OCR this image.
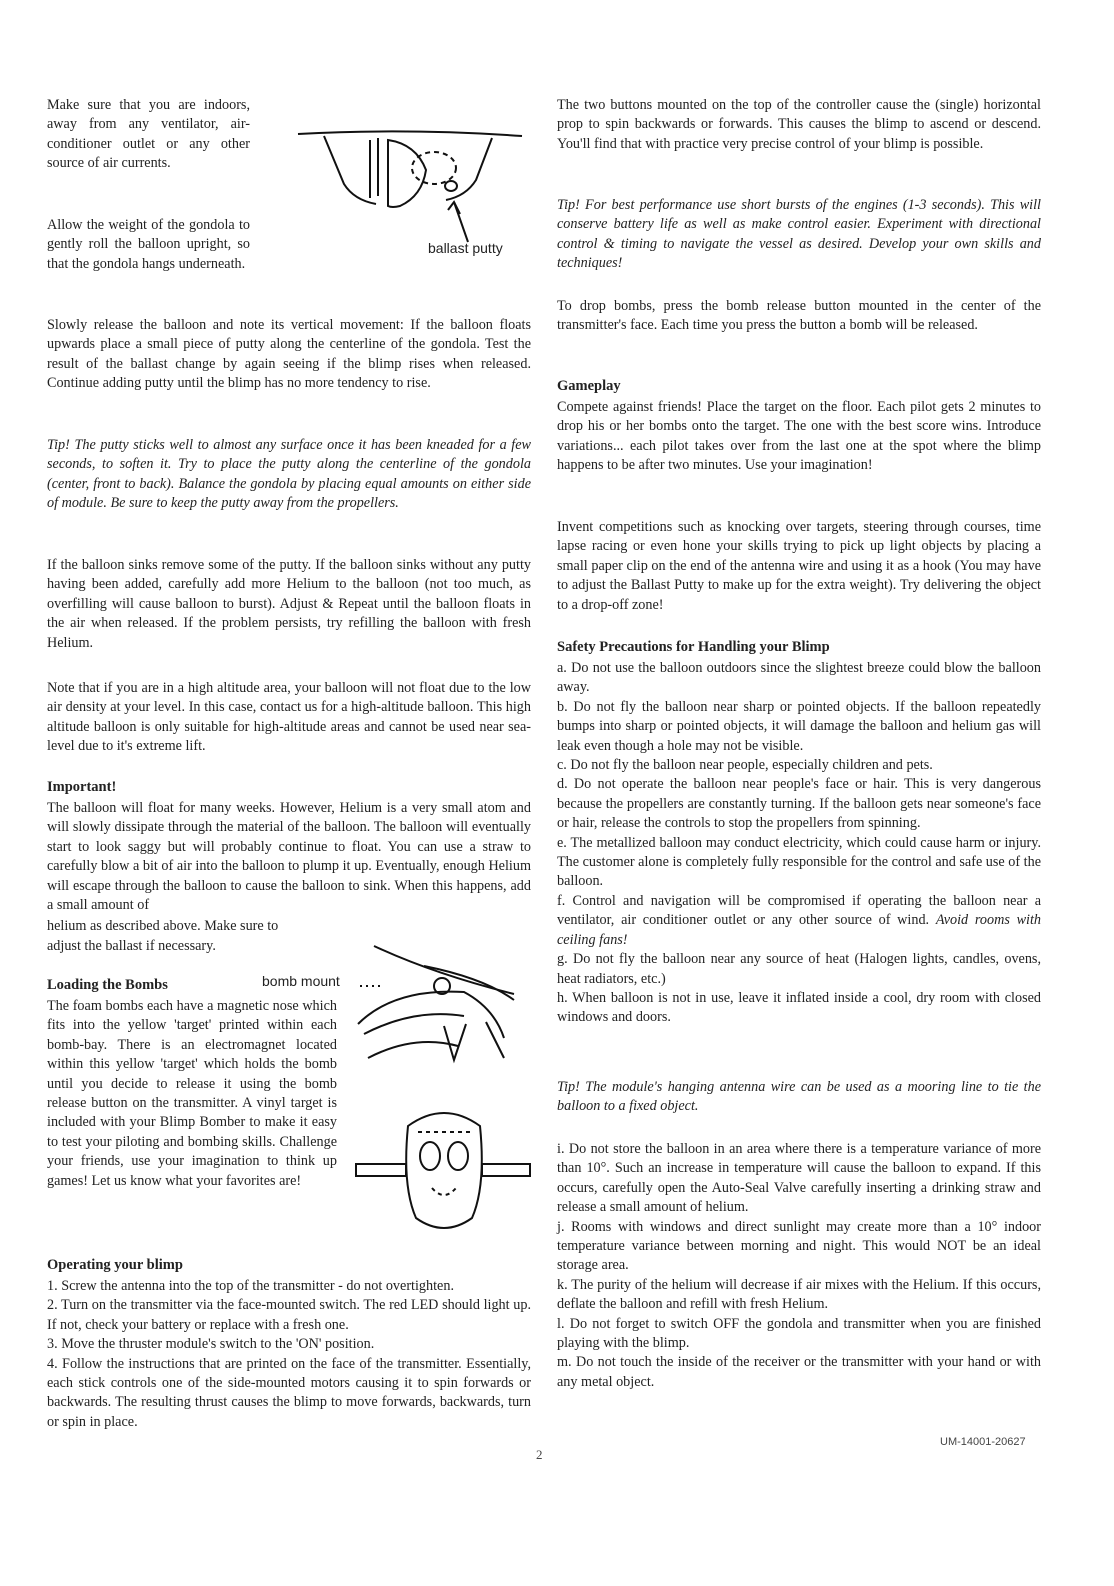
Make sure that you are indoors, away from any ventilator, air-conditioner outlet or any other source of air currents.

Allow the weight of the gondola to gently roll the balloon upright, so that the gondola hangs underneath.

ballast putty

Slowly release the balloon and note its vertical movement: If the balloon floats upwards place a small piece of putty along the centerline of the gondola. Test the result of the ballast change by again seeing if the blimp rises when released. Continue adding putty until the blimp has no more tendency to rise.

Tip! The putty sticks well to almost any surface once it has been kneaded for a few seconds, to soften it. Try to place the putty along the centerline of the gondola (center, front to back). Balance the gondola by placing equal amounts on either side of module. Be sure to keep the putty away from the propellers.

If the balloon sinks remove some of the putty. If the balloon sinks without any putty having been added, carefully add more Helium to the balloon (not too much, as overfilling will cause balloon to burst). Adjust & Repeat until the balloon floats in the air when released. If the problem persists, try refilling the balloon with fresh Helium.

Note that if you are in a high altitude area, your balloon will not float due to the low air density at your level. In this case, contact us for a high-altitude balloon. This high altitude balloon is only suitable for high-altitude areas and cannot be used near sea-level due to it's extreme lift.

Important!

The balloon will float for many weeks. However, Helium is a very small atom and will slowly dissipate through the material of the balloon. The balloon will eventually start to look saggy but will probably continue to float. You can use a straw to carefully blow a bit of air into the balloon to plump it up. Eventually, enough Helium will escape through the balloon to cause the balloon to sink. When this happens, add a small amount of

helium as described above. Make sure to

adjust the ballast if necessary.

Loading the Bombs	bomb mount

The foam bombs each have a magnetic nose which fits into the yellow 'target' printed within each bomb-bay. There is an electromagnet located within this yellow 'target' which holds the bomb until you decide to release it using the bomb release button on the transmitter. A vinyl target is included with your Blimp Bomber to make it easy to test your piloting and bombing skills. Challenge your friends, use your imagination to think up games! Let us know what your favorites are!

Operating your blimp

1. Screw the antenna into the top of the transmitter - do not overtighten.

2. Turn on the transmitter via the face-mounted switch. The red LED should light up. If not, check your battery or replace with a fresh one.

3. Move the thruster module's switch to the 'ON' position.

4. Follow the instructions that are printed on the face of the transmitter. Essentially, each stick controls one of the side-mounted motors causing it to spin forwards or backwards. The resulting thrust causes the blimp to move forwards, backwards, turn or spin in place.

The two buttons mounted on the top of the controller cause the (single) horizontal prop to spin backwards or forwards. This causes the blimp to ascend or descend. You'll find that with practice very precise control of your blimp is possible.

Tip! For best performance use short bursts of the engines (1-3 seconds). This will conserve battery life as well as make control easier. Experiment with directional control & timing to navigate the vessel as desired. Develop your own skills and techniques!

To drop bombs, press the bomb release button mounted in the center of the transmitter's face. Each time you press the button a bomb will be released.

Gameplay

Compete against friends! Place the target on the floor. Each pilot gets 2 minutes to drop his or her bombs onto the target. The one with the best score wins. Introduce variations... each pilot takes over from the last one at the spot where the blimp happens to be after two minutes. Use your imagination!

Invent competitions such as knocking over targets, steering through courses, time lapse racing or even hone your skills trying to pick up light objects by placing a small paper clip on the end of the antenna wire and using it as a hook (You may have to adjust the Ballast Putty to make up for the extra weight). Try delivering the object to a drop-off zone!

Safety Precautions for Handling your Blimp

a. Do not use the balloon outdoors since the slightest breeze could blow the balloon away.

b. Do not fly the balloon near sharp or pointed objects. If the balloon repeatedly bumps into sharp or pointed objects, it will damage the balloon and helium gas will leak even though a hole may not be visible.

c. Do not fly the balloon near people, especially children and pets.

d. Do not operate the balloon near people's face or hair. This is very dangerous because the propellers are constantly turning. If the balloon gets near someone's face or hair, release the controls to stop the propellers from spinning.

e. The metallized balloon may conduct electricity, which could cause harm or injury. The customer alone is completely fully responsible for the control and safe use of the balloon.

f. Control and navigation will be compromised if operating the balloon near a ventilator, air conditioner outlet or any other source of wind. Avoid rooms with ceiling fans!

g. Do not fly the balloon near any source of heat (Halogen lights, candles, ovens, heat radiators, etc.)

h. When balloon is not in use, leave it inflated inside a cool, dry room with closed windows and doors.

Tip! The module's hanging antenna wire can be used as a mooring line to tie the balloon to a fixed object.

i. Do not store the balloon in an area where there is a temperature variance of more than 10°. Such an increase in temperature will cause the balloon to expand. If this occurs, carefully open the Auto-Seal Valve carefully inserting a drinking straw and release a small amount of helium.

j. Rooms with windows and direct sunlight may create more than a 10° indoor temperature variance between morning and night. This would NOT be an ideal storage area.

k. The purity of the helium will decrease if air mixes with the Helium. If this occurs, deflate the balloon and refill with fresh Helium.

l. Do not forget to switch OFF the gondola and transmitter when you are finished playing with the blimp.

m. Do not touch the inside of the receiver or the transmitter with your hand or with any metal object.

2
UM-14001-20627
